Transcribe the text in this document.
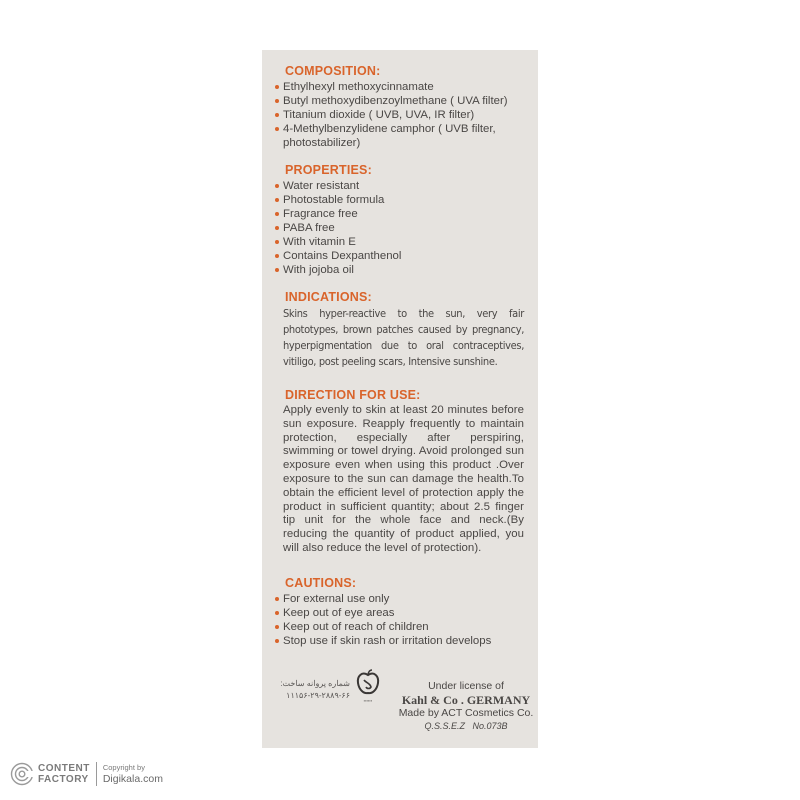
COMPOSITION:
Ethylhexyl methoxycinnamate
Butyl methoxydibenzoylmethane ( UVA filter)
Titanium dioxide ( UVB, UVA, IR filter)
4-Methylbenzylidene camphor ( UVB filter, photostabilizer)
PROPERTIES:
Water resistant
Photostable formula
Fragrance free
PABA free
With vitamin E
Contains Dexpanthenol
With jojoba oil
INDICATIONS:

Skins hyper-reactive to the sun, very fair phototypes, brown patches caused by pregnancy, hyperpigmentation due to oral contraceptives, vitiligo, post peeling scars, Intensive sunshine.

DIRECTION FOR USE:

Apply evenly to skin at least 20 minutes before sun exposure. Reapply frequently to maintain protection, especially after perspiring, swimming or towel drying. Avoid prolonged sun exposure even when using this product .Over exposure to the sun can damage the health.To obtain the efficient level of protection apply the product in sufficient quantity; about 2.5 finger tip unit for the whole face and neck.(By reducing the quantity of product applied, you will also reduce the level of protection).

CAUTIONS:
For external use only
Keep out of eye areas
Keep out of reach of children
Stop use if skin rash or irritation develops
شماره پروانه ساخت:
۱۱۱۵۶-۲۹-۲۸۸۹-۶۶
▪▪▪▪▪▪
Under license of
Kahl & Co . GERMANY
Made by ACT Cosmetics Co.
Q.S.S.E.Z   No.073B
CONTENT
FACTORY
Copyright by
Digikala.com
